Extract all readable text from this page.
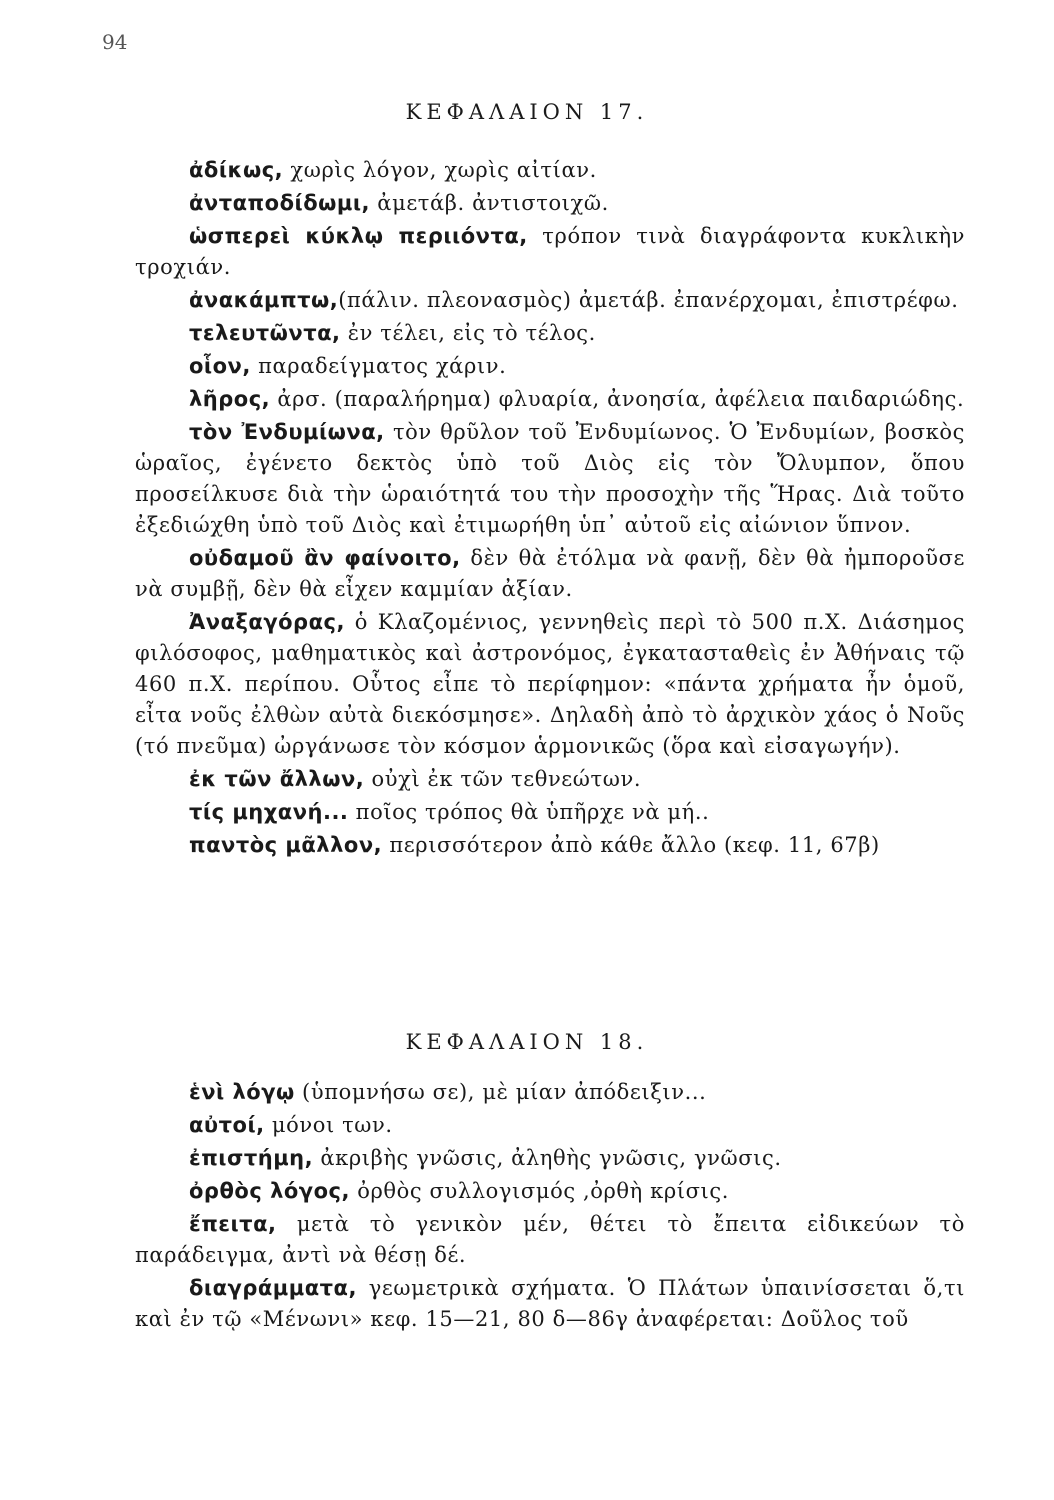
94
ΚΕΦΑΛΑΙΟΝ 17.

ἀδίκως, χωρὶς λόγον, χωρὶς αἰτίαν.

ἀνταποδίδωμι, ἀμετάβ. ἀντιστοιχῶ.

ὡσπερεὶ κύκλῳ περιιόντα, τρόπον τινὰ διαγράφοντα κυκλικὴν τροχιάν.

ἀνακάμπτω,(πάλιν. πλεονασμὸς) ἀμετάβ. ἐπανέρχομαι, ἐπιστρέφω.

τελευτῶντα, ἐν τέλει, εἰς τὸ τέλος.

οἷον, παραδείγματος χάριν.

λῆρος, ἀρσ. (παραλήρημα) φλυαρία, ἀνοησία, ἀφέλεια παιδαριώδης.

τὸν Ἐνδυμίωνα, τὸν θρῦλον τοῦ Ἐνδυμίωνος. Ὁ Ἐνδυμίων, βοσκὸς ὡραῖος, ἐγένετο δεκτὸς ὑπὸ τοῦ Διὸς εἰς τὸν Ὄλυμπον, ὅπου προσείλκυσε διὰ τὴν ὡραιότητά του τὴν προσοχὴν τῆς Ἥρας. Διὰ τοῦτο ἐξεδιώχθη ὑπὸ τοῦ Διὸς καὶ ἐτιμωρήθη ὑπ᾽ αὐτοῦ εἰς αἰώνιον ὕπνον.

οὐδαμοῦ ἂν φαίνοιτο, δὲν θὰ ἐτόλμα νὰ φανῇ, δὲν θὰ ἠμποροῦσε νὰ συμβῇ, δὲν θὰ εἶχεν καμμίαν ἀξίαν.

Ἀναξαγόρας, ὁ Κλαζομένιος, γεννηθεὶς περὶ τὸ 500 π.Χ. Διάσημος φιλόσοφος, μαθηματικὸς καὶ ἀστρονόμος, ἐγκατασταθεὶς ἐν Ἀθήναις τῷ 460 π.Χ. περίπου. Οὗτος εἶπε τὸ περίφημον: «πάντα χρήματα ἦν ὁμοῦ, εἶτα νοῦς ἐλθὼν αὐτὰ διεκόσμησε». Δηλαδὴ ἀπὸ τὸ ἀρχικὸν χάος ὁ Νοῦς (τό πνεῦμα) ὠργάνωσε τὸν κόσμον ἁρμονικῶς (ὅρα καὶ εἰσαγωγήν).

ἐκ τῶν ἄλλων, οὐχὶ ἐκ τῶν τεθνεώτων.

τίς μηχανή... ποῖος τρόπος θὰ ὑπῆρχε νὰ μή..

παντὸς μᾶλλον, περισσότερον ἀπὸ κάθε ἄλλο (κεφ. 11, 67β)

ΚΕΦΑΛΑΙΟΝ 18.

ἑνὶ λόγῳ (ὑπομνήσω σε), μὲ μίαν ἀπόδειξιν...

αὐτοί, μόνοι των.

ἐπιστήμη, ἀκριβὴς γνῶσις, ἀληθὴς γνῶσις, γνῶσις.

ὀρθὸς λόγος, ὀρθὸς συλλογισμός ,ὀρθὴ κρίσις.

ἔπειτα, μετὰ τὸ γενικὸν μέν, θέτει τὸ ἔπειτα εἰδικεύων τὸ παράδειγμα, ἀντὶ νὰ θέσῃ δέ.

διαγράμματα, γεωμετρικὰ σχήματα. Ὁ Πλάτων ὑπαινίσσεται ὅ,τι καὶ ἐν τῷ «Μένωνι» κεφ. 15—21, 80 δ—86γ ἀναφέρεται: Δοῦλος τοῦ
